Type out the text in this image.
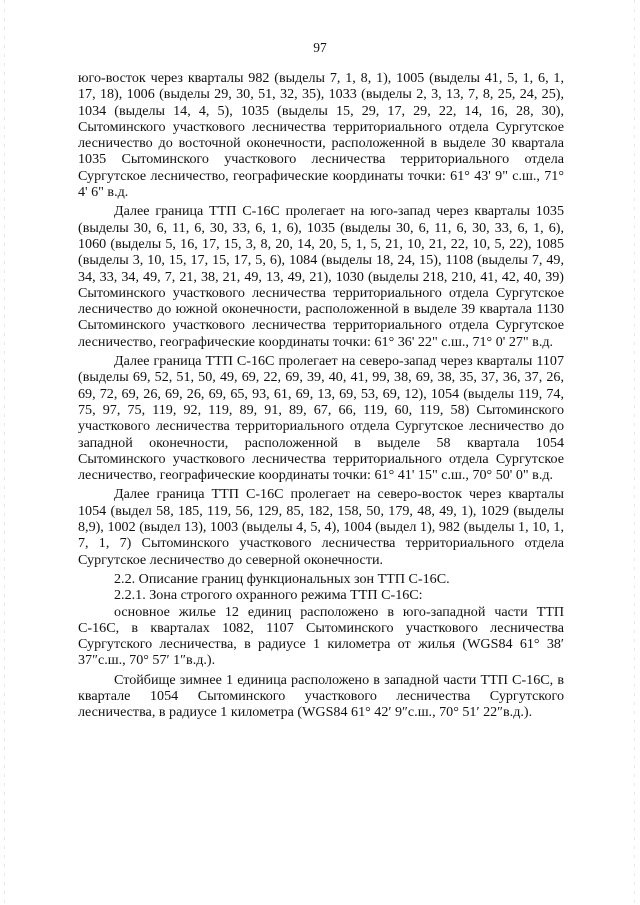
97

юго-восток через кварталы 982 (выделы 7, 1, 8, 1), 1005 (выделы 41, 5, 1, 6, 1, 17, 18), 1006 (выделы 29, 30, 51, 32, 35), 1033 (выделы 2, 3, 13, 7, 8, 25, 24, 25), 1034 (выделы 14, 4, 5), 1035 (выделы 15, 29, 17, 29, 22, 14, 16, 28, 30), Сытоминского участкового лесничества территориального отдела Сургутское лесничество до восточной оконечности, расположенной в выделе 30 квартала 1035 Сытоминского участкового лесничества территориального отдела Сургутское лесничество, географические координаты точки: 61° 43' 9" с.ш., 71° 4' 6" в.д.

Далее граница ТТП С-16С пролегает на юго-запад через кварталы 1035 (выделы 30, 6, 11, 6, 30, 33, 6, 1, 6), 1035 (выделы 30, 6, 11, 6, 30, 33, 6, 1, 6), 1060 (выделы 5, 16, 17, 15, 3, 8, 20, 14, 20, 5, 1, 5, 21, 10, 21, 22, 10, 5, 22), 1085 (выделы 3, 10, 15, 17, 15, 17, 5, 6), 1084 (выделы 18, 24, 15), 1108 (выделы 7, 49, 34, 33, 34, 49, 7, 21, 38, 21, 49, 13, 49, 21), 1030 (выделы 218, 210, 41, 42, 40, 39) Сытоминского участкового лесничества территориального отдела Сургутское лесничество до южной оконечности, расположенной в выделе 39 квартала 1130 Сытоминского участкового лесничества территориального отдела Сургутское лесничество, географические координаты точки: 61° 36' 22" с.ш., 71° 0' 27" в.д.

Далее граница ТТП С-16С пролегает на северо-запад через кварталы 1107 (выделы 69, 52, 51, 50, 49, 69, 22, 69, 39, 40, 41, 99, 38, 69, 38, 35, 37, 36, 37, 26, 69, 72, 69, 26, 69, 26, 69, 65, 93, 61, 69, 13, 69, 53, 69, 12), 1054 (выделы 119, 74, 75, 97, 75, 119, 92, 119, 89, 91, 89, 67, 66, 119, 60, 119, 58) Сытоминского участкового лесничества территориального отдела Сургутское лесничество до западной оконечности, расположенной в выделе 58 квартала 1054 Сытоминского участкового лесничества территориального отдела Сургутское лесничество, географические координаты точки: 61° 41' 15" с.ш., 70° 50' 0" в.д.

Далее граница ТТП С-16С пролегает на северо-восток через кварталы 1054 (выдел 58, 185, 119, 56, 129, 85, 182, 158, 50, 179, 48, 49, 1), 1029 (выделы 8,9), 1002 (выдел 13), 1003 (выделы 4, 5, 4), 1004 (выдел 1), 982 (выделы 1, 10, 1, 7, 1, 7) Сытоминского участкового лесничества территориального отдела Сургутское лесничество до северной оконечности.

2.2. Описание границ функциональных зон ТТП С-16С.

2.2.1. Зона строгого охранного режима ТТП С-16С:

основное жилье 12 единиц расположено в юго-западной части ТТП С-16С, в кварталах 1082, 1107 Сытоминского участкового лесничества Сургутского лесничества, в радиусе 1 километра от жилья (WGS84 61° 38′ 37″с.ш., 70° 57′ 1″в.д.).

Стойбище зимнее 1 единица расположено в западной части ТТП С-16С, в квартале 1054 Сытоминского участкового лесничества Сургутского лесничества, в радиусе 1 километра (WGS84 61° 42′ 9″с.ш., 70° 51′ 22″в.д.).
